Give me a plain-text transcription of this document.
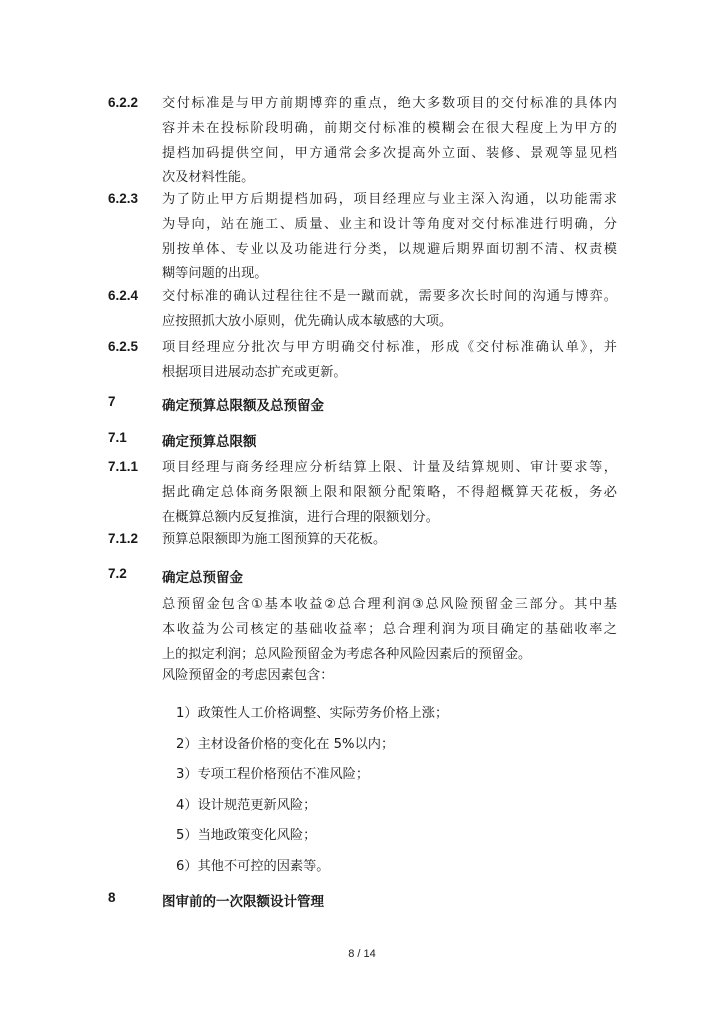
6.2.2 交付标准是与甲方前期博弈的重点，绝大多数项目的交付标准的具体内
容并未在投标阶段明确，前期交付标准的模糊会在很大程度上为甲方的
提档加码提供空间，甲方通常会多次提高外立面、装修、景观等显见档
次及材料性能。

6.2.3 为了防止甲方后期提档加码，项目经理应与业主深入沟通，以功能需求
为导向，站在施工、质量、业主和设计等角度对交付标准进行明确，分
别按单体、专业以及功能进行分类，以规避后期界面切割不清、权责模
糊等问题的出现。

6.2.4 交付标准的确认过程往往不是一蹴而就，需要多次长时间的沟通与博弈。
应按照抓大放小原则，优先确认成本敏感的大项。

6.2.5 项目经理应分批次与甲方明确交付标准，形成《交付标准确认单》，并
根据项目进展动态扩充或更新。

7	确定预算总限额及总预留金
7.1	确定预算总限额
7.1.1 项目经理与商务经理应分析结算上限、计量及结算规则、审计要求等，
据此确定总体商务限额上限和限额分配策略，不得超概算天花板，务必
在概算总额内反复推演，进行合理的限额划分。

7.1.2 预算总限额即为施工图预算的天花板。

7.2	确定总预留金

总预留金包含①基本收益②总合理利润③总风险预留金三部分。其中基
本收益为公司核定的基础收益率；总合理利润为项目确定的基础收率之
上的拟定利润；总风险预留金为考虑各种风险因素后的预留金。

风险预留金的考虑因素包含：

1）政策性人工价格调整、实际劳务价格上涨；
2）主材设备价格的变化在 5%以内；
3）专项工程价格预估不准风险；
4）设计规范更新风险；
5）当地政策变化风险；
6）其他不可控的因素等。
8	图审前的一次限额设计管理
8 / 14
